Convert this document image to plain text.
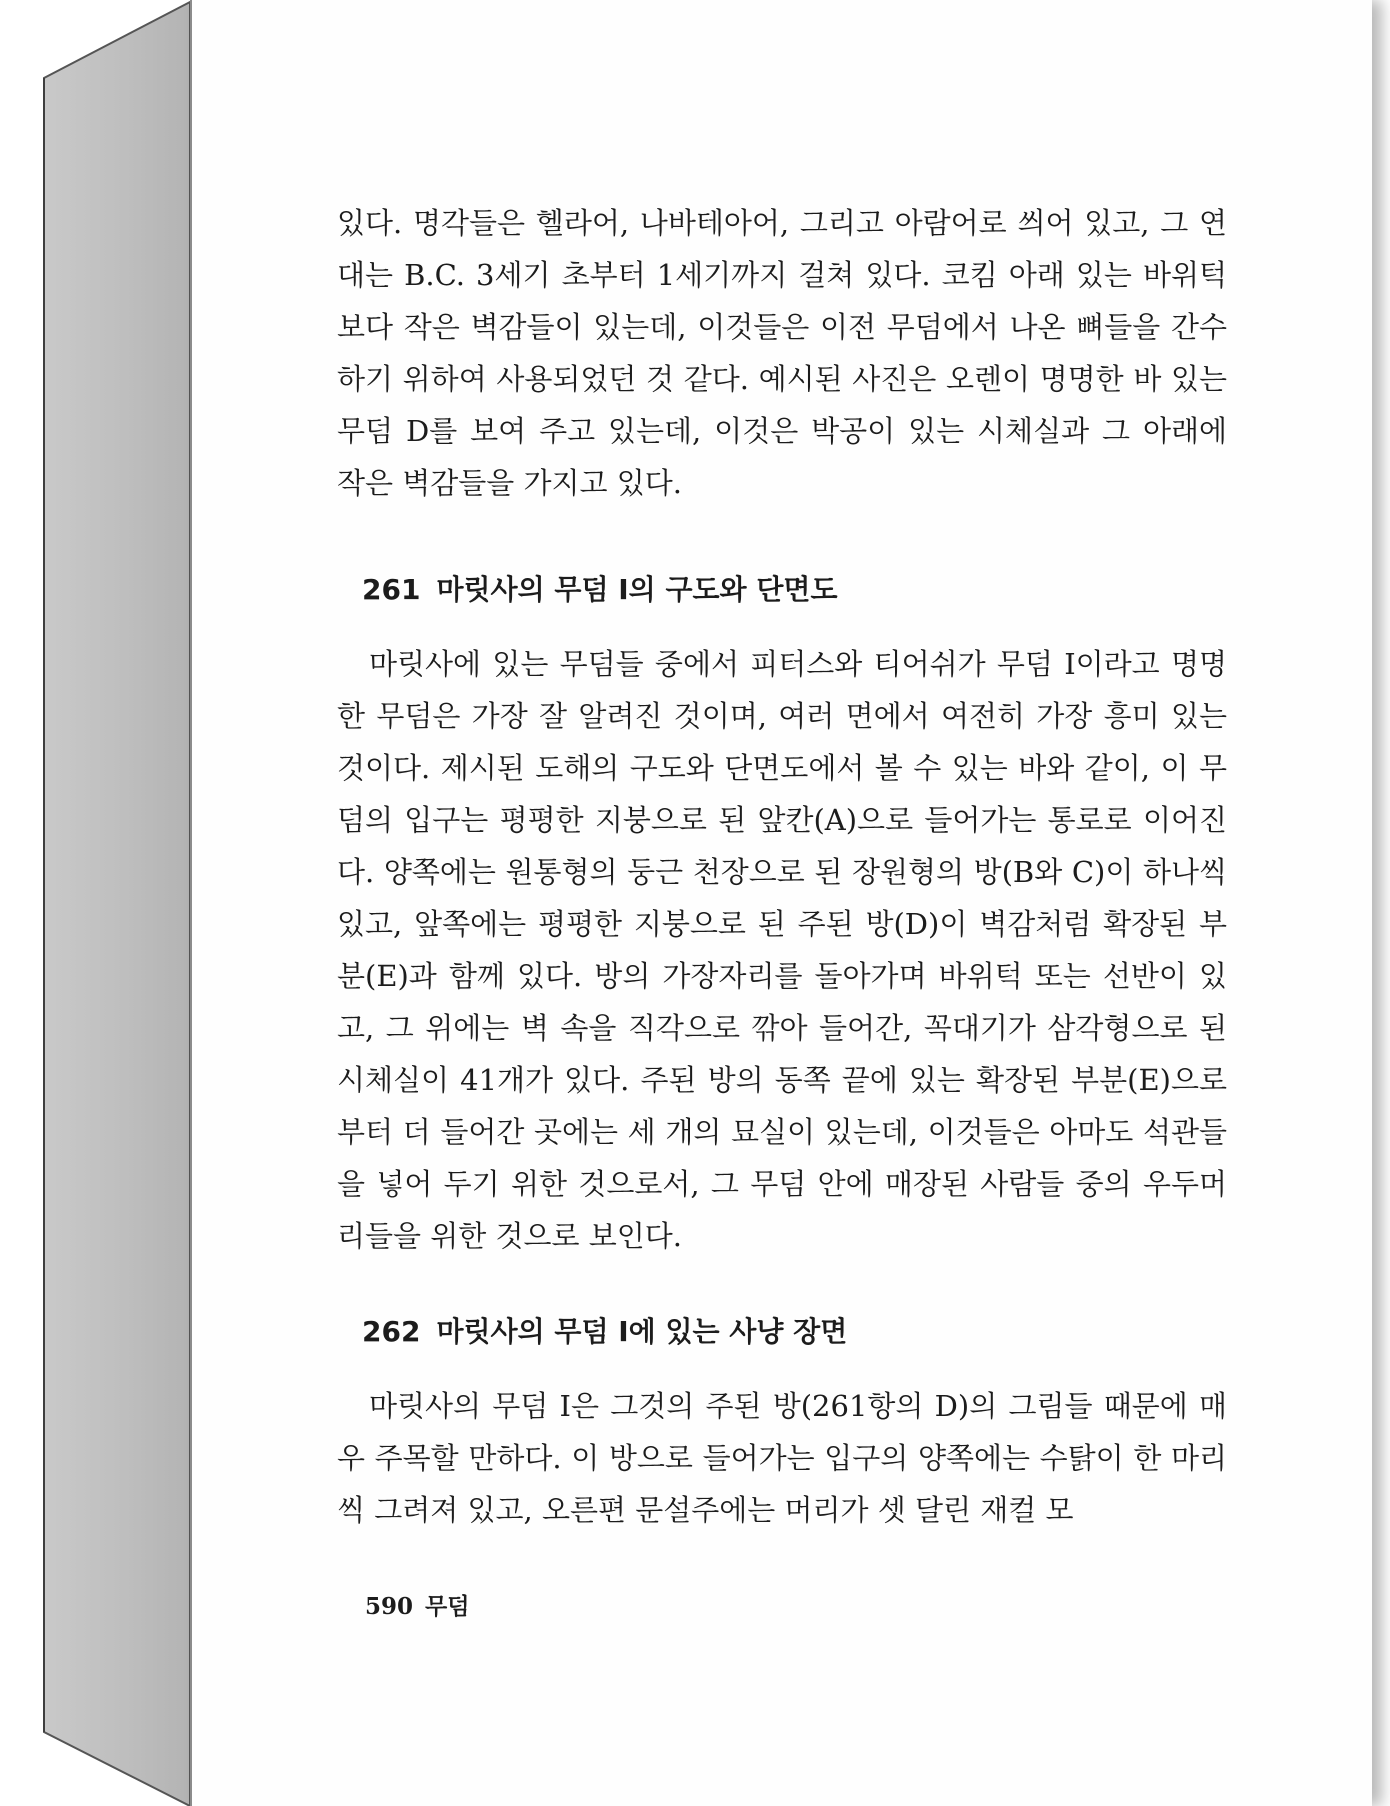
있다. 명각들은 헬라어, 나바테아어, 그리고 아람어로 씌어 있고, 그 연대는 B.C. 3세기 초부터 1세기까지 걸쳐 있다. 코킴 아래 있는 바위턱보다 작은 벽감들이 있는데, 이것들은 이전 무덤에서 나온 뼈들을 간수하기 위하여 사용되었던 것 같다. 예시된 사진은 오렌이 명명한 바 있는 무덤 D를 보여 주고 있는데, 이것은 박공이 있는 시체실과 그 아래에 작은 벽감들을 가지고 있다.

261 마릿사의 무덤 I의 구도와 단면도

마릿사에 있는 무덤들 중에서 피터스와 티어쉬가 무덤 I이라고 명명한 무덤은 가장 잘 알려진 것이며, 여러 면에서 여전히 가장 흥미 있는 것이다. 제시된 도해의 구도와 단면도에서 볼 수 있는 바와 같이, 이 무덤의 입구는 평평한 지붕으로 된 앞칸(A)으로 들어가는 통로로 이어진다. 양쪽에는 원통형의 둥근 천장으로 된 장원형의 방(B와 C)이 하나씩 있고, 앞쪽에는 평평한 지붕으로 된 주된 방(D)이 벽감처럼 확장된 부분(E)과 함께 있다. 방의 가장자리를 돌아가며 바위턱 또는 선반이 있고, 그 위에는 벽 속을 직각으로 깎아 들어간, 꼭대기가 삼각형으로 된 시체실이 41개가 있다. 주된 방의 동쪽 끝에 있는 확장된 부분(E)으로부터 더 들어간 곳에는 세 개의 묘실이 있는데, 이것들은 아마도 석관들을 넣어 두기 위한 것으로서, 그 무덤 안에 매장된 사람들 중의 우두머리들을 위한 것으로 보인다.

262 마릿사의 무덤 I에 있는 사냥 장면

마릿사의 무덤 I은 그것의 주된 방(261항의 D)의 그림들 때문에 매우 주목할 만하다. 이 방으로 들어가는 입구의 양쪽에는 수탉이 한 마리씩 그려져 있고, 오른편 문설주에는 머리가 셋 달린 재컬 모

590 무덤
